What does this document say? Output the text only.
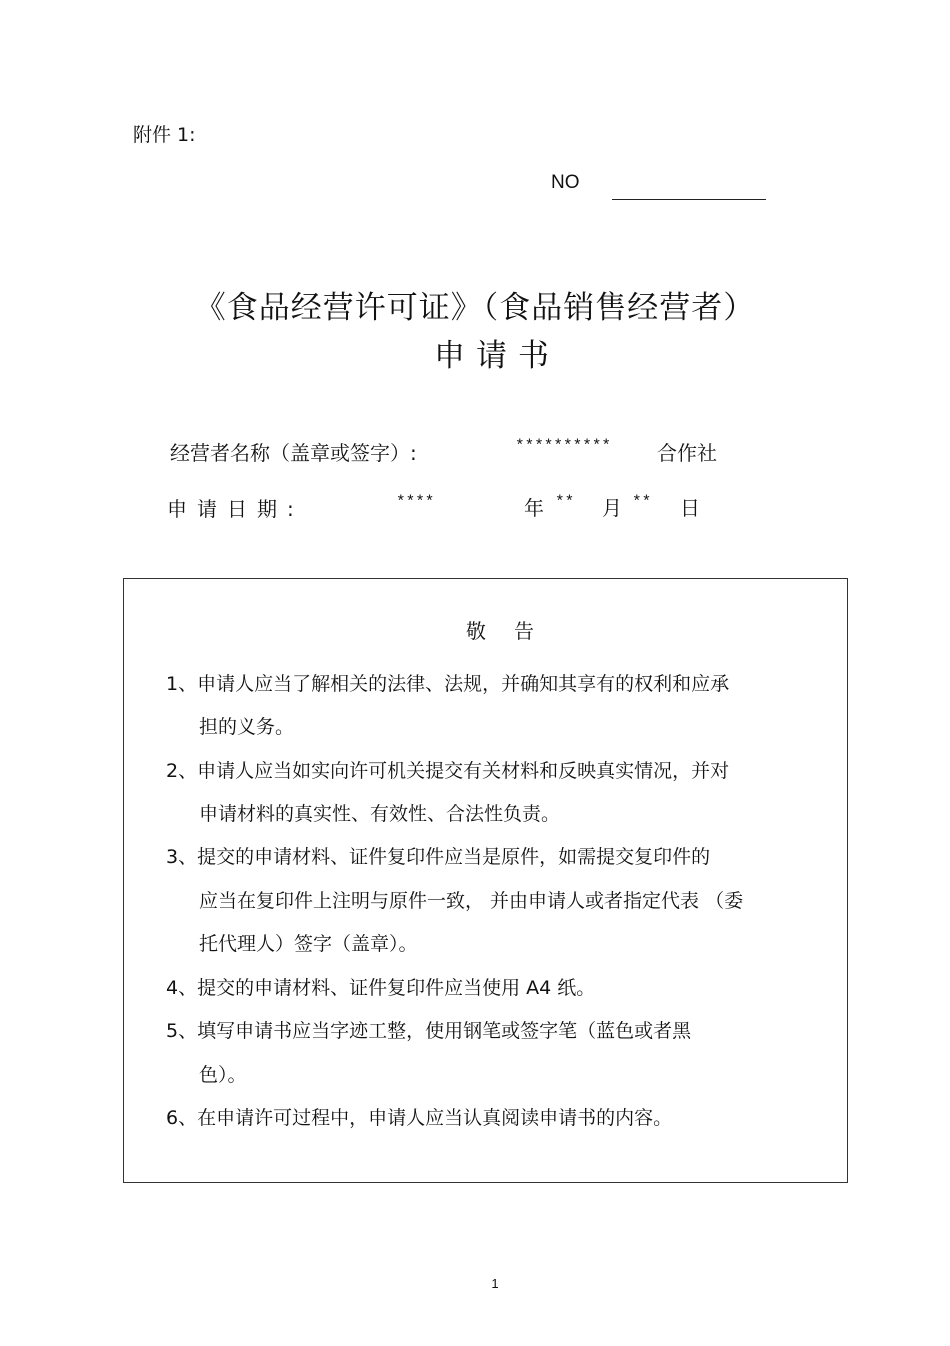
附件 1:
NO
《食品经营许可证》（食品销售经营者）
申请书
经营者名称（盖章或签字）:	********** 合作社
申请日期:	****	年 ** 月 ** 日
敬告
1、申请人应当了解相关的法律、法规，并确知其享有的权利和应承
担的义务。
2、申请人应当如实向许可机关提交有关材料和反映真实情况，并对
申请材料的真实性、有效性、合法性负责。
3、提交的申请材料、证件复印件应当是原件，如需提交复印件的
应当在复印件上注明与原件一致， 并由申请人或者指定代表 （委
托代理人）签字（盖章）。
4、提交的申请材料、证件复印件应当使用 A4 纸。
5、填写申请书应当字迹工整，使用钢笔或签字笔（蓝色或者黑
色）。
6、在申请许可过程中，申请人应当认真阅读申请书的内容。
1
